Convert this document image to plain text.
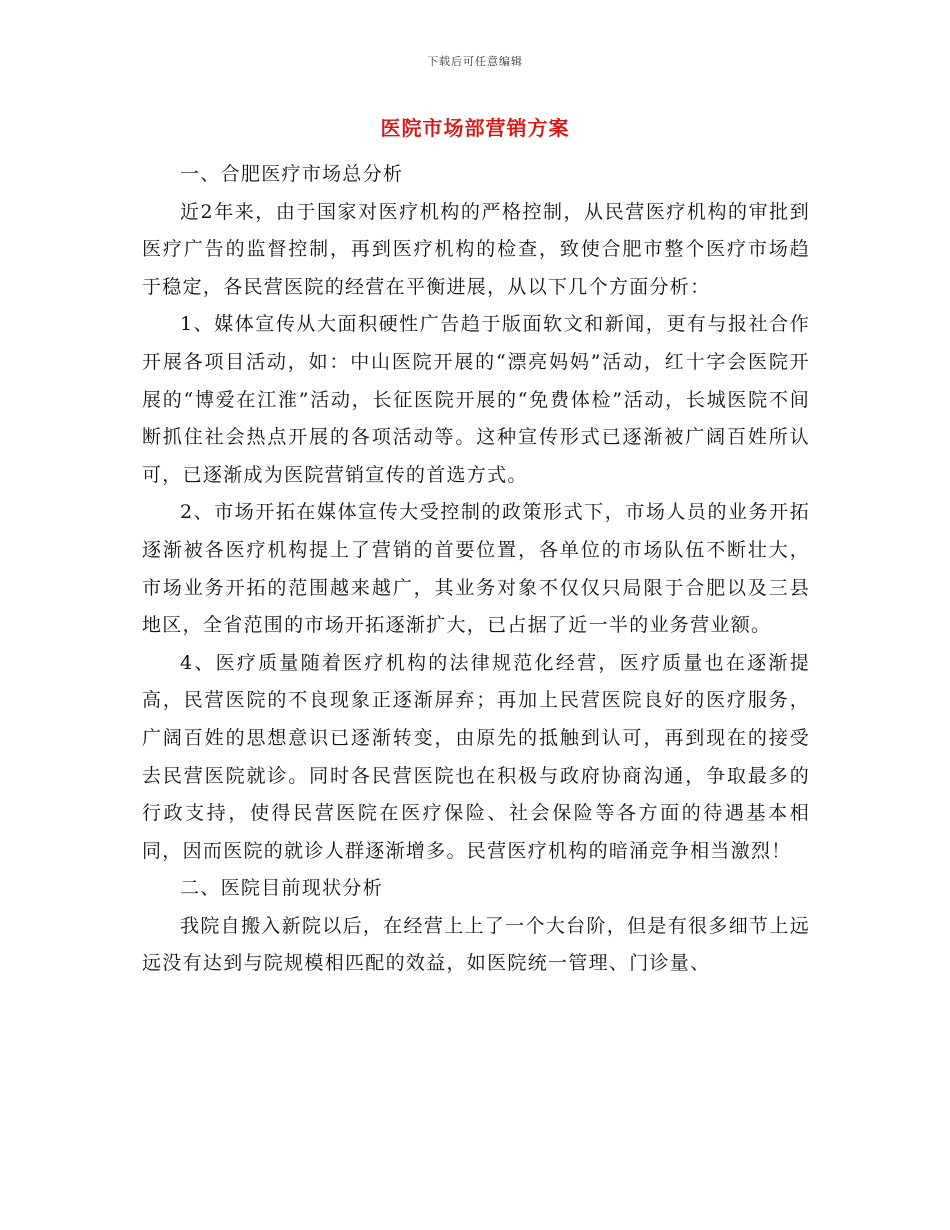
下载后可任意编辑
医院市场部营销方案

一、合肥医疗市场总分析

近2年来，由于国家对医疗机构的严格控制，从民营医疗机构的审批到医疗广告的监督控制，再到医疗机构的检查，致使合肥市整个医疗市场趋于稳定，各民营医院的经营在平衡进展，从以下几个方面分析：

1、媒体宣传从大面积硬性广告趋于版面软文和新闻，更有与报社合作开展各项目活动，如：中山医院开展的“漂亮妈妈”活动，红十字会医院开展的“博爱在江淮”活动，长征医院开展的“免费体检”活动，长城医院不间断抓住社会热点开展的各项活动等。这种宣传形式已逐渐被广阔百姓所认可，已逐渐成为医院营销宣传的首选方式。

2、市场开拓在媒体宣传大受控制的政策形式下，市场人员的业务开拓逐渐被各医疗机构提上了营销的首要位置，各单位的市场队伍不断壮大，市场业务开拓的范围越来越广，其业务对象不仅仅只局限于合肥以及三县地区，全省范围的市场开拓逐渐扩大，已占据了近一半的业务营业额。

4、医疗质量随着医疗机构的法律规范化经营，医疗质量也在逐渐提高，民营医院的不良现象正逐渐屏弃；再加上民营医院良好的医疗服务，广阔百姓的思想意识已逐渐转变，由原先的抵触到认可，再到现在的接受去民营医院就诊。同时各民营医院也在积极与政府协商沟通，争取最多的行政支持，使得民营医院在医疗保险、社会保险等各方面的待遇基本相同，因而医院的就诊人群逐渐增多。民营医疗机构的暗涌竞争相当激烈！

二、医院目前现状分析

我院自搬入新院以后，在经营上上了一个大台阶，但是有很多细节上远远没有达到与院规模相匹配的效益，如医院统一管理、门诊量、
